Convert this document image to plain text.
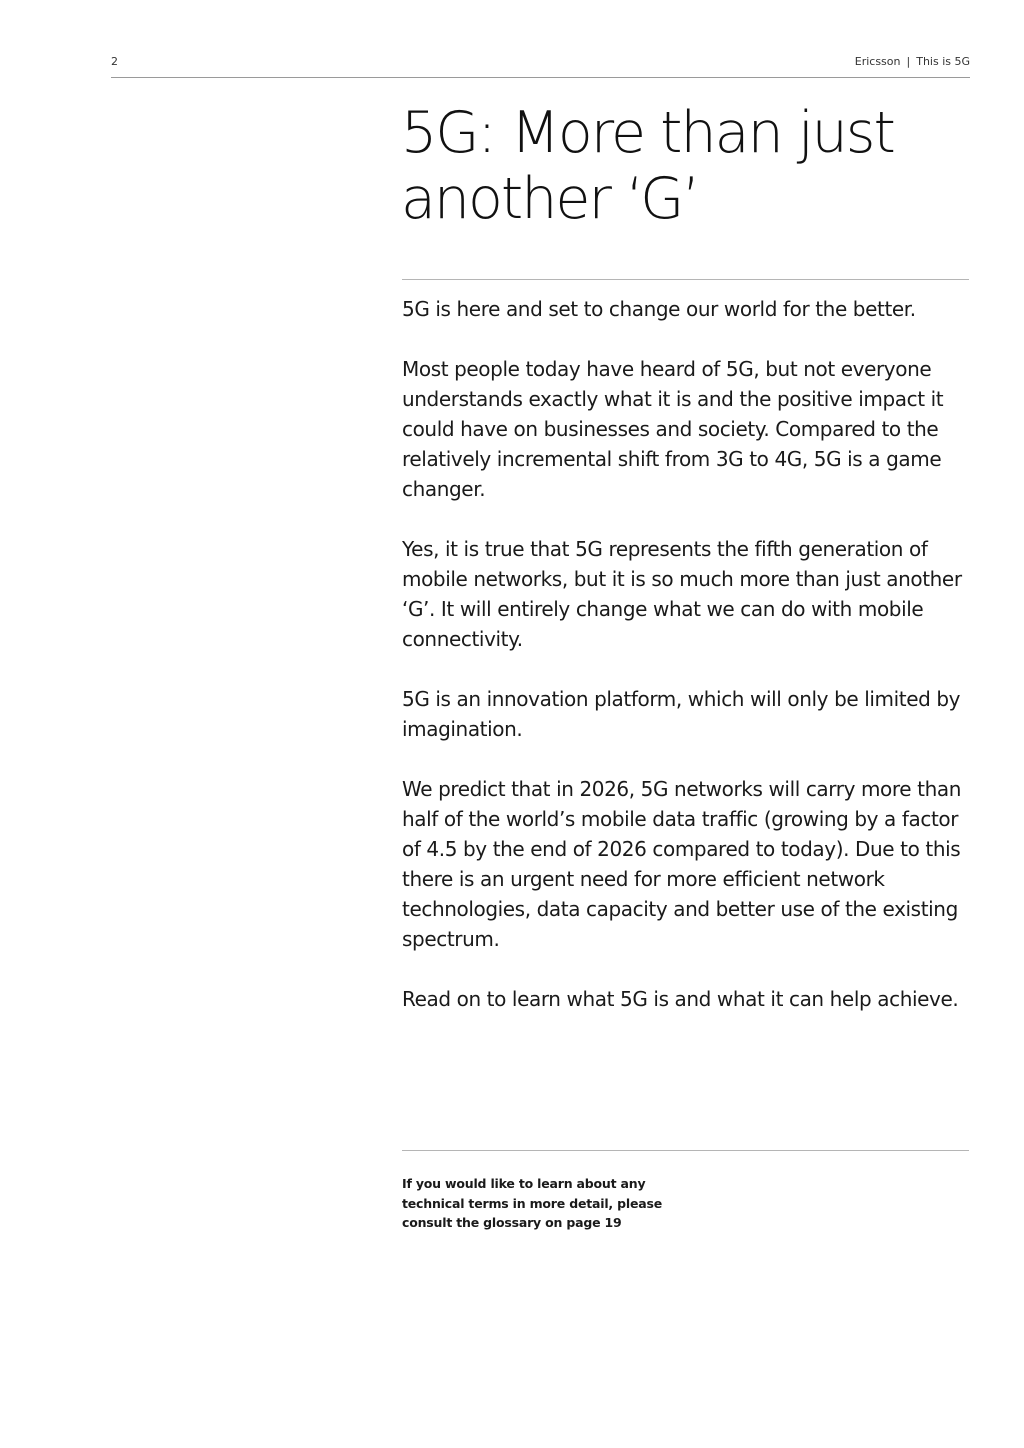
2	Ericsson | This is 5G
5G: More than just
another ‘G’

5G is here and set to change our world for the better.

Most people today have heard of 5G, but not everyone understands exactly what it is and the positive impact it could have on businesses and society. Compared to the relatively incremental shift from 3G to 4G, 5G is a game changer.

Yes, it is true that 5G represents the fifth generation of mobile networks, but it is so much more than just another ‘G’. It will entirely change what we can do with mobile connectivity.

5G is an innovation platform, which will only be limited by imagination.

We predict that in 2026, 5G networks will carry more than half of the world’s mobile data traffic (growing by a factor of 4.5 by the end of 2026 compared to today). Due to this there is an urgent need for more efficient network technologies, data capacity and better use of the existing spectrum.

Read on to learn what 5G is and what it can help achieve.

If you would like to learn about any technical terms in more detail, please consult the glossary on page 19
